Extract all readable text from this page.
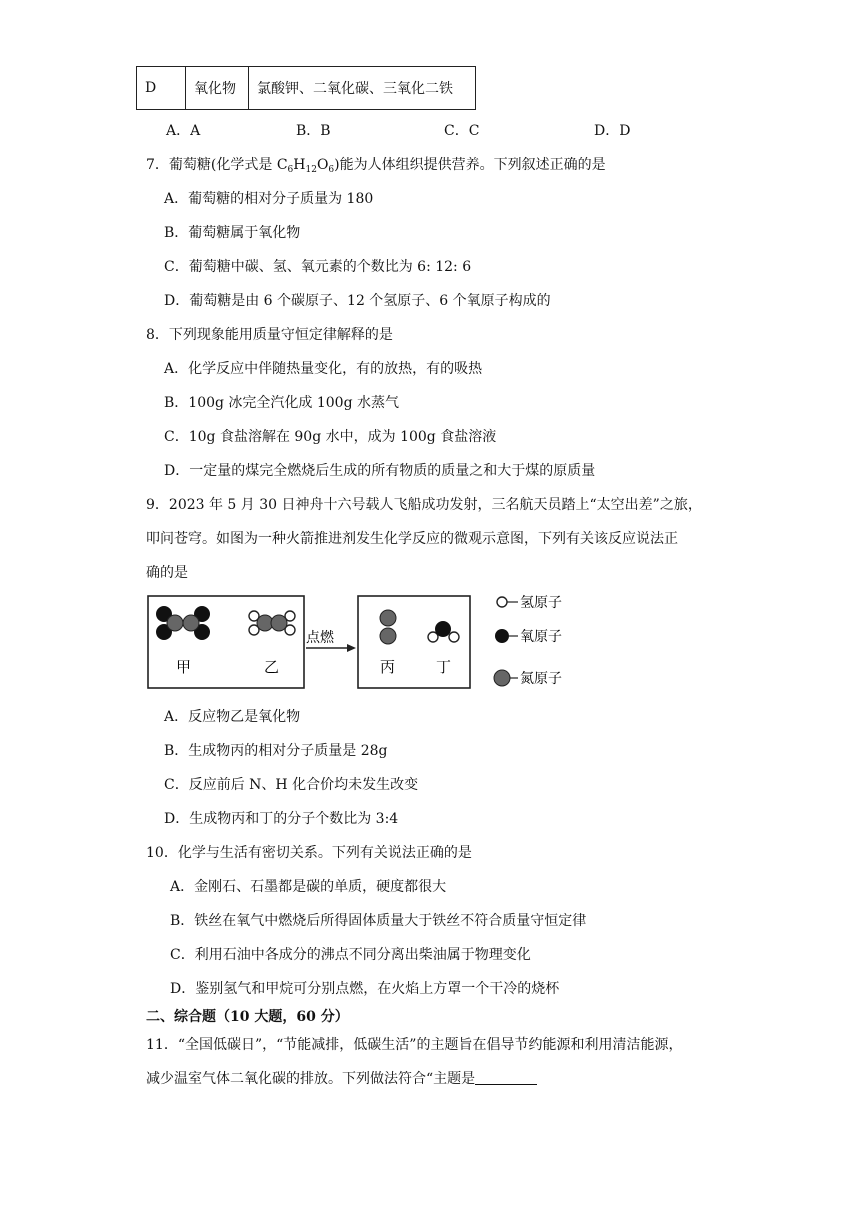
D	氧化物	氯酸钾、二氧化碳、三氧化二铁
A．A	B．B	C．C	D．D
7．葡萄糖(化学式是 $C_6H_{12}O_6$)能为人体组织提供营养。下列叙述正确的是
A．葡萄糖的相对分子质量为 180
B．葡萄糖属于氧化物
C．葡萄糖中碳、氢、氧元素的个数比为 6: 12: 6
D．葡萄糖是由 6 个碳原子、12 个氢原子、6 个氧原子构成的
8．下列现象能用质量守恒定律解释的是
A．化学反应中伴随热量变化，有的放热，有的吸热
B．100g 冰完全汽化成 100g 水蒸气
C．10g 食盐溶解在 90g 水中，成为 100g 食盐溶液
D．一定量的煤完全燃烧后生成的所有物质的质量之和大于煤的原质量
9．2023 年 5 月 30 日神舟十六号载人飞船成功发射，三名航天员踏上“太空出差”之旅，
叩问苍穹。如图为一种火箭推进剂发生化学反应的微观示意图，下列有关该反应说法正
确的是
甲	乙
点燃
丙	丁
氢原子
氧原子
氮原子
A．反应物乙是氧化物
B．生成物丙的相对分子质量是 28g
C．反应前后 N、H 化合价均未发生改变
D．生成物丙和丁的分子个数比为 3:4
10．化学与生活有密切关系。下列有关说法正确的是
A．金刚石、石墨都是碳的单质，硬度都很大
B．铁丝在氧气中燃烧后所得固体质量大于铁丝不符合质量守恒定律
C．利用石油中各成分的沸点不同分离出柴油属于物理变化
D．鉴别氢气和甲烷可分别点燃，在火焰上方罩一个干冷的烧杯
二、综合题（10 大题，60 分）
11．“全国低碳日”，“节能减排，低碳生活”的主题旨在倡导节约能源和利用清洁能源，
减少温室气体二氧化碳的排放。下列做法符合“主题是
